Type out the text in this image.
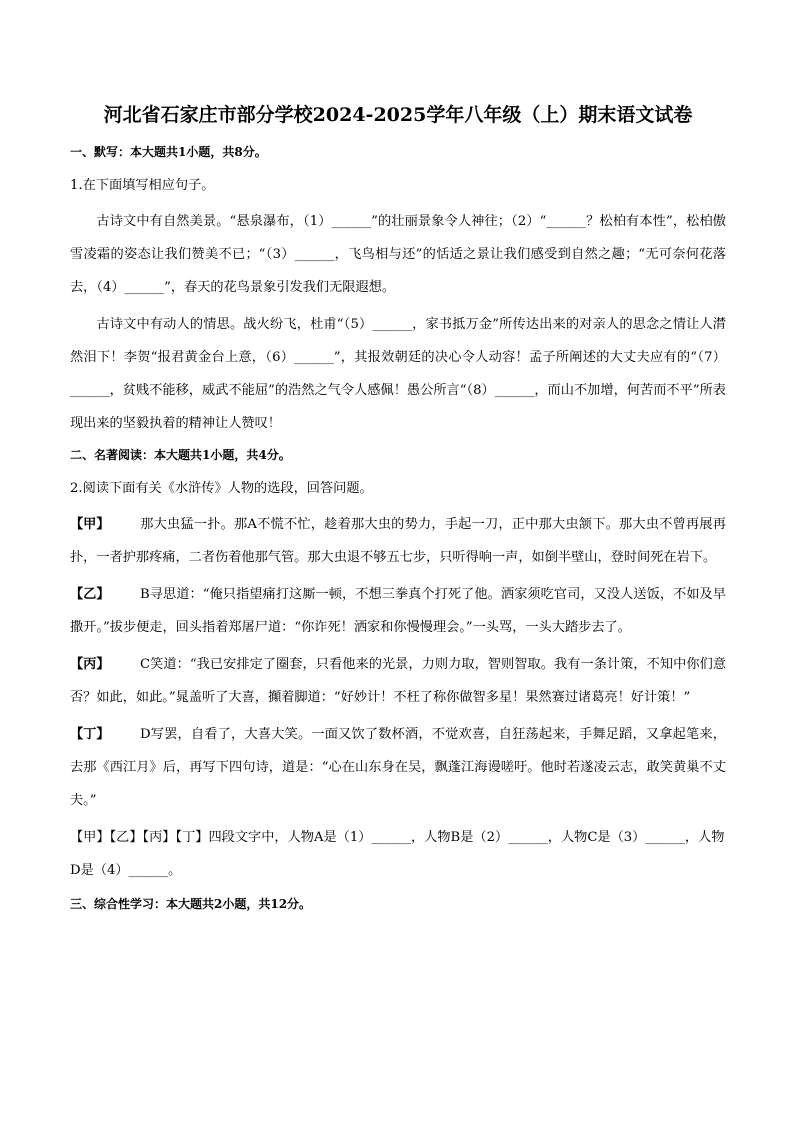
河北省石家庄市部分学校2024-2025学年八年级（上）期末语文试卷
一、默写：本大题共1小题，共8分。
1.在下面填写相应句子。

古诗文中有自然美景。“悬泉瀑布，（1）______”的壮丽景象令人神往；（2）“______？松柏有本性”，松柏傲雪凌霜的姿态让我们赞美不已；“（3）______，飞鸟相与还”的恬适之景让我们感受到自然之趣；“无可奈何花落去，（4）______”，春天的花鸟景象引发我们无限遐想。

古诗文中有动人的情思。战火纷飞，杜甫“（5）______，家书抵万金”所传达出来的对亲人的思念之情让人潸然泪下！李贺“报君黄金台上意，（6）______”，其报效朝廷的决心令人动容！孟子所阐述的大丈夫应有的“（7）______，贫贱不能移，威武不能屈”的浩然之气令人感佩！愚公所言“（8）______，而山不加增，何苦而不平”所表现出来的坚毅执着的精神让人赞叹！

二、名著阅读：本大题共1小题，共4分。
2.阅读下面有关《水浒传》人物的选段，回答问题。

【甲】 那大虫猛一扑。那A不慌不忙，趁着那大虫的势力，手起一刀，正中那大虫颔下。那大虫不曾再展再扑，一者护那疼痛，二者伤着他那气管。那大虫退不够五七步，只听得响一声，如倒半壁山，登时间死在岩下。

【乙】 B寻思道：“俺只指望痛打这厮一顿，不想三拳真个打死了他。洒家须吃官司，又没人送饭，不如及早撒开。”拔步便走，回头指着郑屠尸道：“你诈死！洒家和你慢慢理会。”一头骂，一头大踏步去了。

【丙】 C笑道：“我已安排定了圈套，只看他来的光景，力则力取，智则智取。我有一条计策，不知中你们意否？如此，如此。”晁盖听了大喜，攧着脚道：“好妙计！不枉了称你做智多星！果然赛过诸葛亮！好计策！”

【丁】 D写罢，自看了，大喜大笑。一面又饮了数杯酒，不觉欢喜，自狂荡起来，手舞足蹈，又拿起笔来，去那《西江月》后，再写下四句诗，道是：“心在山东身在吴，飘蓬江海谩嗟吁。他时若遂凌云志，敢笑黄巢不丈夫。”

【甲】【乙】【丙】【丁】四段文字中，人物A是（1）______，人物B是（2）______，人物C是（3）______，人物D是（4）______。

三、综合性学习：本大题共2小题，共12分。
